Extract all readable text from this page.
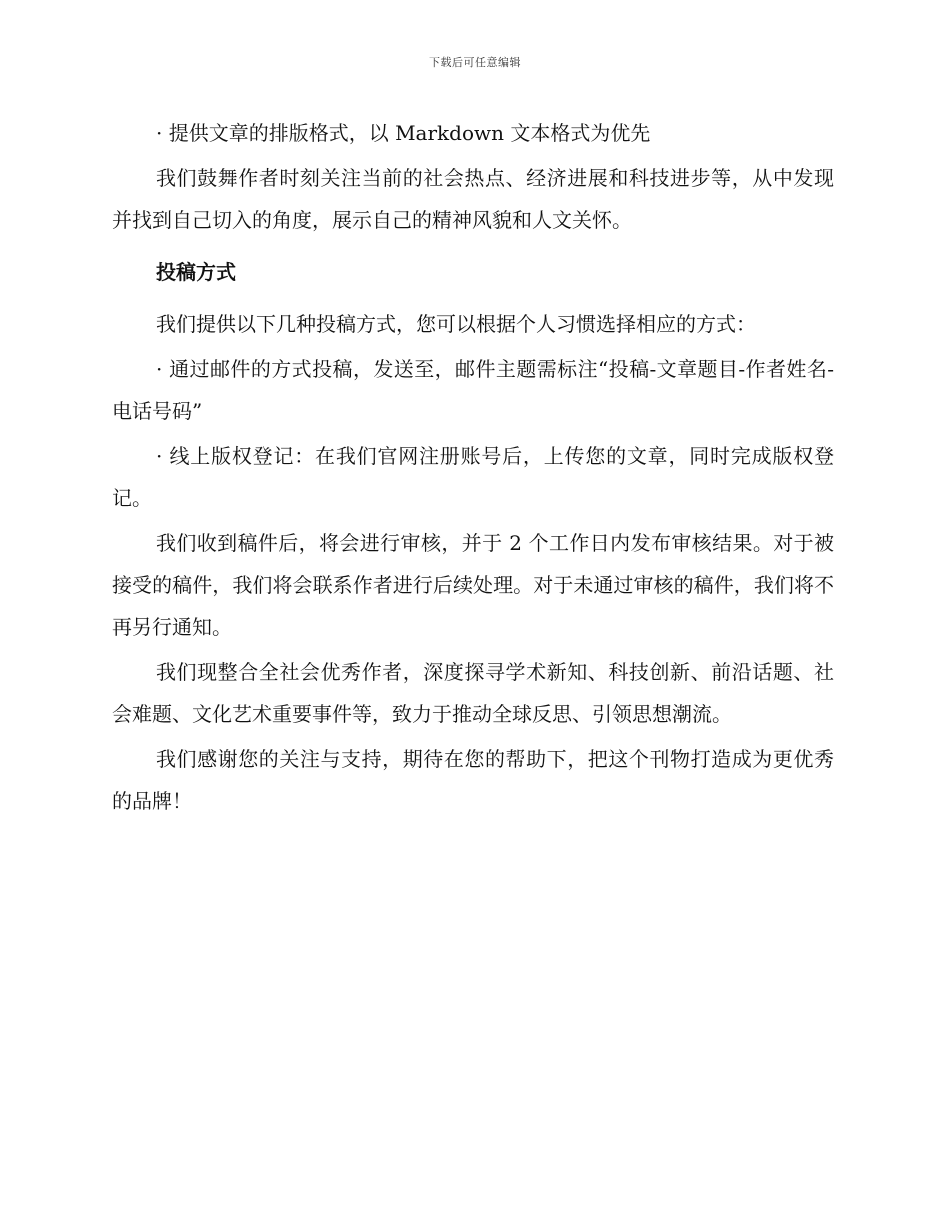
下载后可任意编辑

· 提供文章的排版格式，以 Markdown 文本格式为优先

我们鼓舞作者时刻关注当前的社会热点、经济进展和科技进步等，从中发现并找到自己切入的角度，展示自己的精神风貌和人文关怀。

投稿方式

我们提供以下几种投稿方式，您可以根据个人习惯选择相应的方式：

· 通过邮件的方式投稿，发送至，邮件主题需标注“投稿-文章题目-作者姓名-电话号码”

· 线上版权登记：在我们官网注册账号后，上传您的文章，同时完成版权登记。

我们收到稿件后，将会进行审核，并于 2 个工作日内发布审核结果。对于被接受的稿件，我们将会联系作者进行后续处理。对于未通过审核的稿件，我们将不再另行通知。

我们现整合全社会优秀作者，深度探寻学术新知、科技创新、前沿话题、社会难题、文化艺术重要事件等，致力于推动全球反思、引领思想潮流。

我们感谢您的关注与支持，期待在您的帮助下，把这个刊物打造成为更优秀的品牌！
